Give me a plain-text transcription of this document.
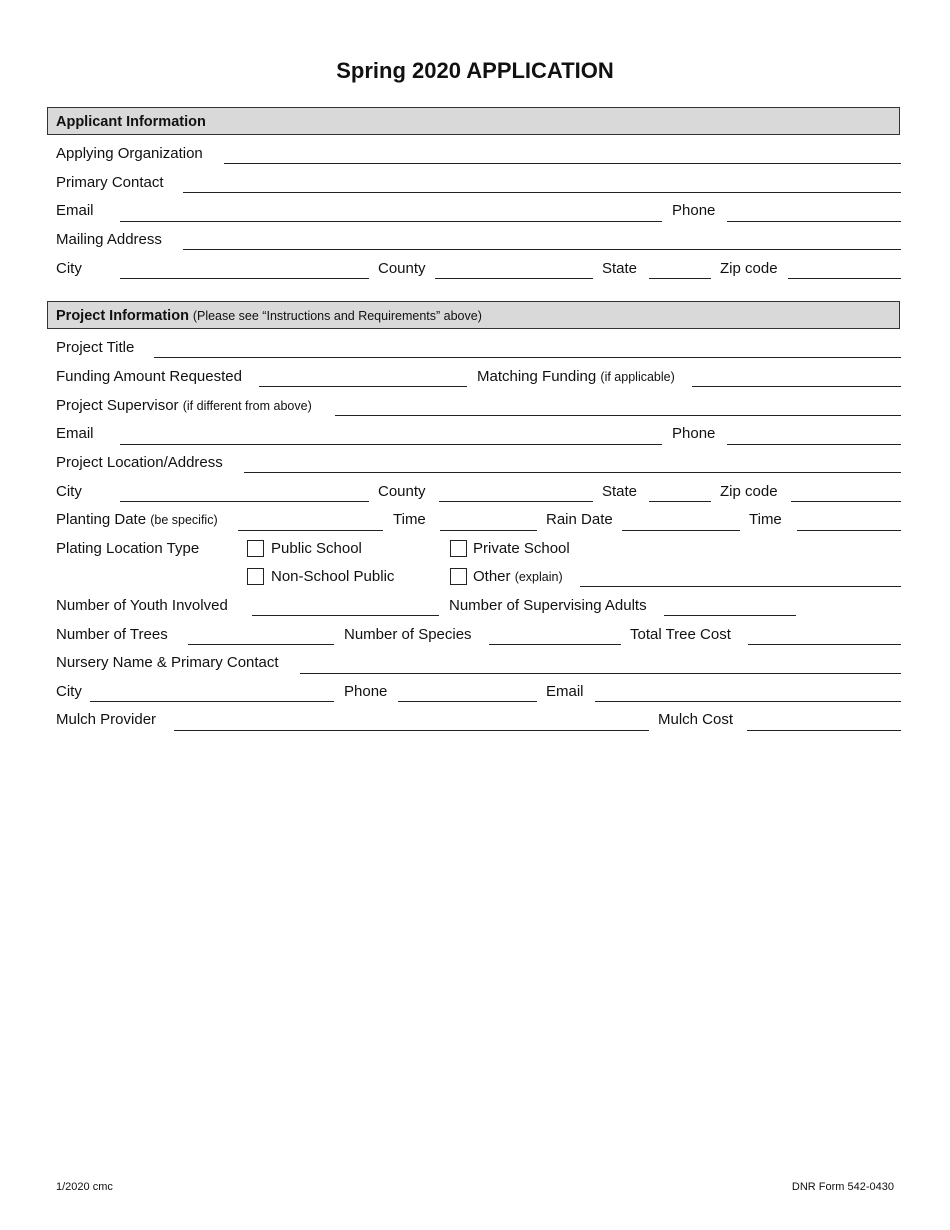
Spring 2020 APPLICATION
Applicant Information
Applying Organization
Primary Contact
Email	Phone
Mailing Address
City	County	State	Zip code
Project Information (Please see “Instructions and Requirements” above)
Project Title
Funding Amount Requested	Matching Funding (if applicable)
Project Supervisor (if different from above)
Email	Phone
Project Location/Address
City	County	State	Zip code
Planting Date (be specific)	Time	Rain Date	Time
Plating Location Type	Public School	Private School
Non-School Public	Other (explain)
Number of Youth Involved	Number of Supervising Adults
Number of Trees	Number of Species	Total Tree Cost
Nursery Name & Primary Contact
City	Phone	Email
Mulch Provider	Mulch Cost
1/2020 cmc	DNR Form 542-0430
